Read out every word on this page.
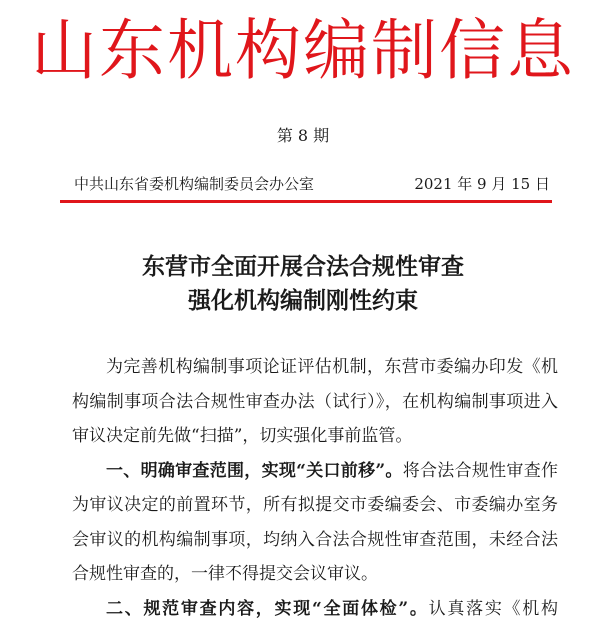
山东机构编制信息
第 8 期
中共山东省委机构编制委员会办公室	2021 年 9 月 15 日
东营市全面开展合法合规性审查
强化机构编制刚性约束

为完善机构编制事项论证评估机制，东营市委编办印发《机构编制事项合法合规性审查办法（试行）》，在机构编制事项进入审议决定前先做“扫描”，切实强化事前监管。

一、明确审查范围，实现“关口前移”。将合法合规性审查作为审议决定的前置环节，所有拟提交市委编委会、市委编办室务会审议的机构编制事项，均纳入合法合规性审查范围，未经合法合规性审查的，一律不得提交会议审议。

二、规范审查内容，实现“全面体检”。认真落实《机构
